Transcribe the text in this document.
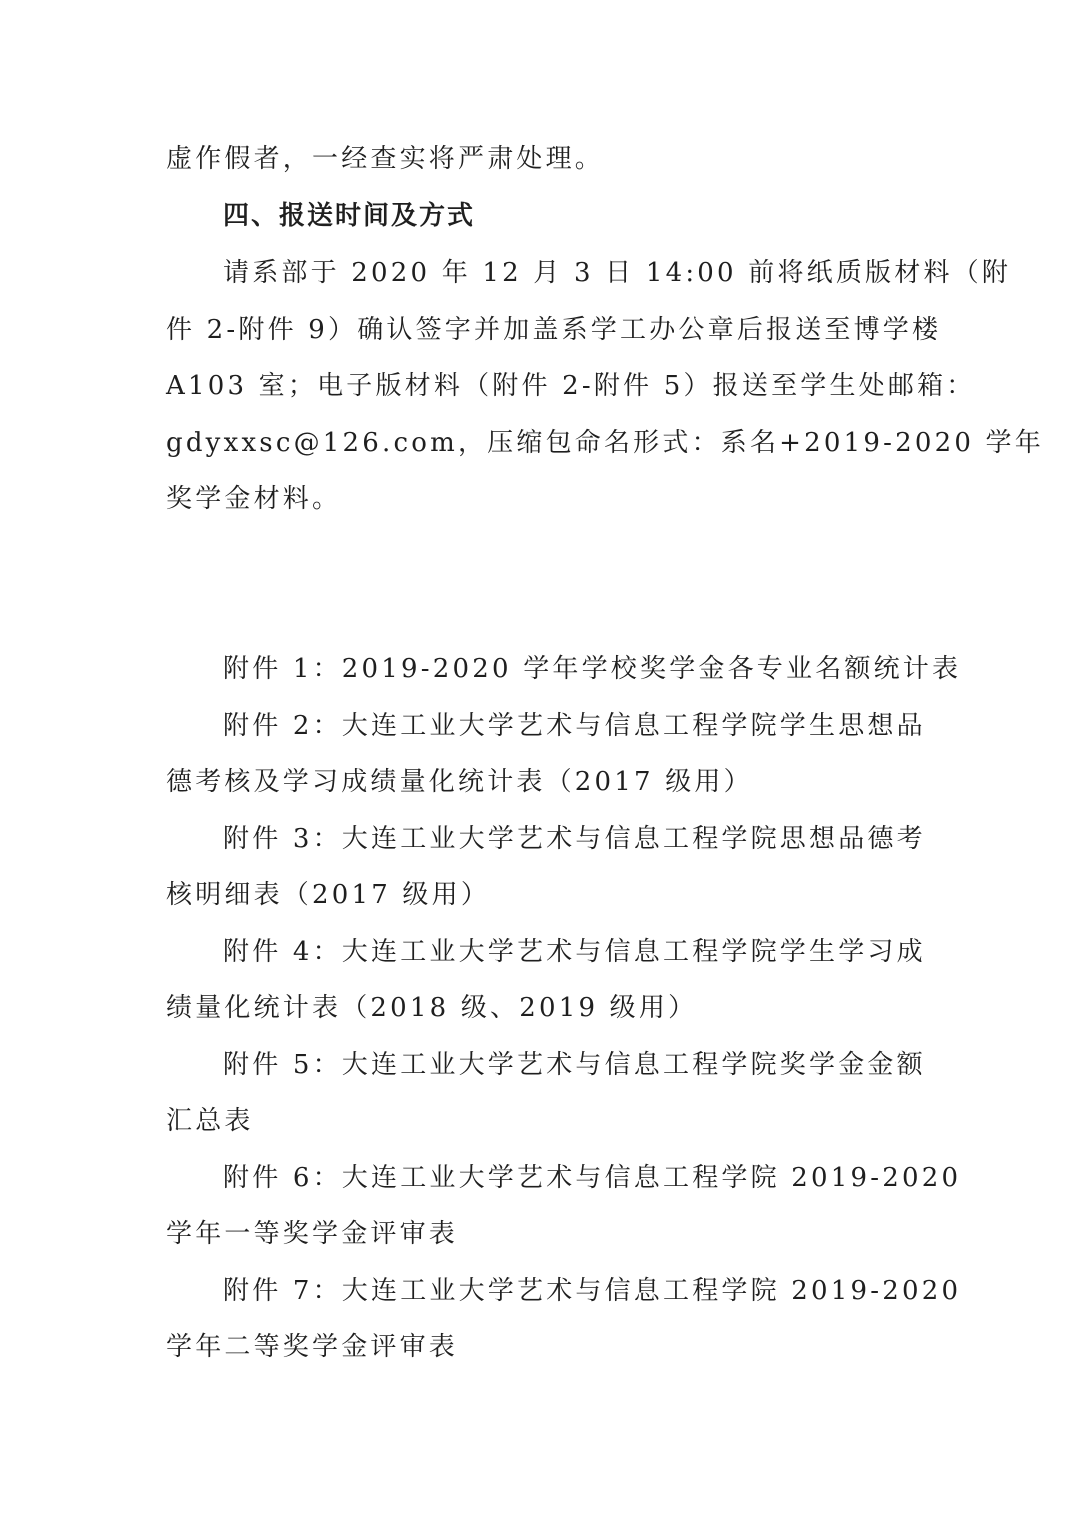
虚作假者，一经查实将严肃处理。
四、报送时间及方式
请系部于 2020 年 12 月 3 日 14:00 前将纸质版材料（附
件 2-附件 9）确认签字并加盖系学工办公章后报送至博学楼
A103 室；电子版材料（附件 2-附件 5）报送至学生处邮箱：
gdyxxsc@126.com，压缩包命名形式：系名+2019-2020 学年
奖学金材料。
附件 1：2019-2020 学年学校奖学金各专业名额统计表
附件 2：大连工业大学艺术与信息工程学院学生思想品
德考核及学习成绩量化统计表（2017 级用）
附件 3：大连工业大学艺术与信息工程学院思想品德考
核明细表（2017 级用）
附件 4：大连工业大学艺术与信息工程学院学生学习成
绩量化统计表（2018 级、2019 级用）
附件 5：大连工业大学艺术与信息工程学院奖学金金额
汇总表
附件 6：大连工业大学艺术与信息工程学院 2019-2020
学年一等奖学金评审表
附件 7：大连工业大学艺术与信息工程学院 2019-2020
学年二等奖学金评审表
